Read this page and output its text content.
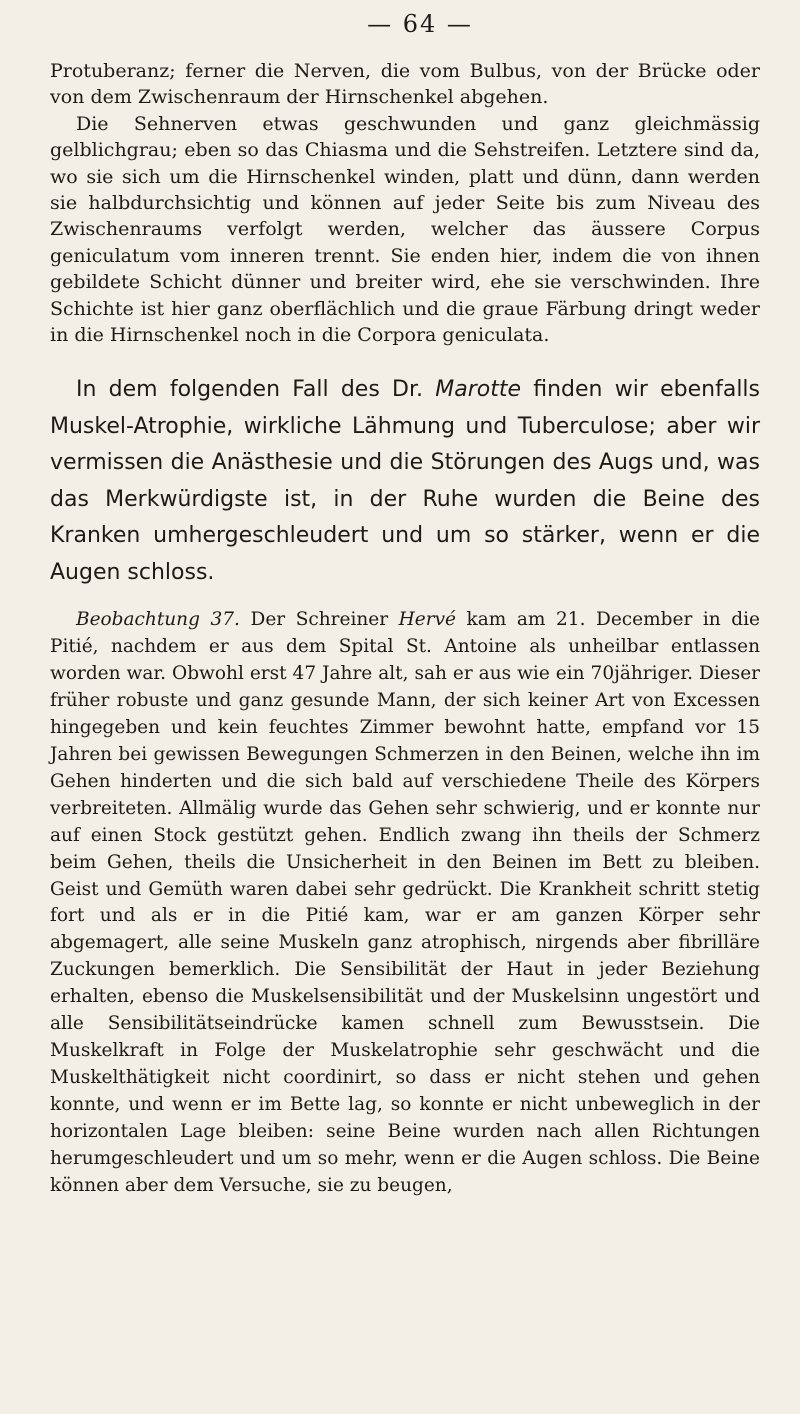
— 64 —

Protuberanz; ferner die Nerven, die vom Bulbus, von der Brücke oder von dem Zwischenraum der Hirnschenkel abgehen.

Die Sehnerven etwas geschwunden und ganz gleichmässig gelblichgrau; eben so das Chiasma und die Sehstreifen. Letztere sind da, wo sie sich um die Hirnschenkel winden, platt und dünn, dann werden sie halbdurchsichtig und können auf jeder Seite bis zum Niveau des Zwischenraums verfolgt werden, welcher das äussere Corpus geniculatum vom inneren trennt. Sie enden hier, indem die von ihnen gebildete Schicht dünner und breiter wird, ehe sie verschwinden. Ihre Schichte ist hier ganz oberflächlich und die graue Färbung dringt weder in die Hirnschenkel noch in die Corpora geniculata.

In dem folgenden Fall des Dr. Marotte finden wir ebenfalls Muskel-Atrophie, wirkliche Lähmung und Tuberculose; aber wir vermissen die Anästhesie und die Störungen des Augs und, was das Merkwürdigste ist, in der Ruhe wurden die Beine des Kranken umhergeschleudert und um so stärker, wenn er die Augen schloss.

Beobachtung 37. Der Schreiner Hervé kam am 21. December in die Pitié, nachdem er aus dem Spital St. Antoine als unheilbar entlassen worden war. Obwohl erst 47 Jahre alt, sah er aus wie ein 70jähriger. Dieser früher robuste und ganz gesunde Mann, der sich keiner Art von Excessen hingegeben und kein feuchtes Zimmer bewohnt hatte, empfand vor 15 Jahren bei gewissen Bewegungen Schmerzen in den Beinen, welche ihn im Gehen hinderten und die sich bald auf verschiedene Theile des Körpers verbreiteten. Allmälig wurde das Gehen sehr schwierig, und er konnte nur auf einen Stock gestützt gehen. Endlich zwang ihn theils der Schmerz beim Gehen, theils die Unsicherheit in den Beinen im Bett zu bleiben. Geist und Gemüth waren dabei sehr gedrückt. Die Krankheit schritt stetig fort und als er in die Pitié kam, war er am ganzen Körper sehr abgemagert, alle seine Muskeln ganz atrophisch, nirgends aber fibrilläre Zuckungen bemerklich. Die Sensibilität der Haut in jeder Beziehung erhalten, ebenso die Muskelsensibilität und der Muskelsinn ungestört und alle Sensibilitätseindrücke kamen schnell zum Bewusstsein. Die Muskelkraft in Folge der Muskelatrophie sehr geschwächt und die Muskelthätigkeit nicht coordinirt, so dass er nicht stehen und gehen konnte, und wenn er im Bette lag, so konnte er nicht unbeweglich in der horizontalen Lage bleiben: seine Beine wurden nach allen Richtungen herumgeschleudert und um so mehr, wenn er die Augen schloss. Die Beine können aber dem Versuche, sie zu beugen,
